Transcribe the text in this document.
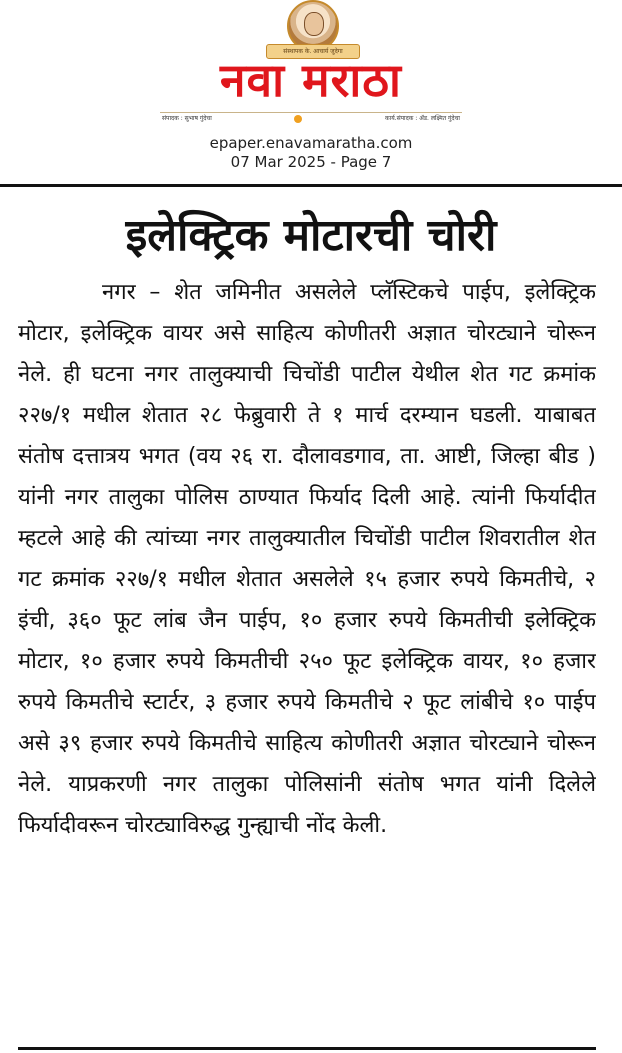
संस्थापक के. आचार्य जुदेगा
नवा मराठा
संपादक : सुभाष गुंदेचा	कार्य.संपादक : ॲड. लक्ष्मित गुंदेचा
epaper.enavamaratha.com
07 Mar 2025 - Page 7
इलेक्ट्रिक मोटारची चोरी

नगर – शेत जमिनीत असलेले प्लॅस्टिकचे पाईप, इलेक्ट्रिक मोटार, इलेक्ट्रिक वायर असे साहित्य कोणीतरी अज्ञात चोरट्याने चोरून नेले. ही घटना नगर तालुक्याची चिचोंडी पाटील येथील शेत गट क्रमांक २२७/१ मधील शेतात २८ फेब्रुवारी ते १ मार्च दरम्यान घडली. याबाबत संतोष दत्तात्रय भगत (वय २६ रा. दौलावडगाव, ता. आष्टी, जिल्हा बीड ) यांनी नगर तालुका पोलिस ठाण्यात फिर्याद दिली आहे. त्यांनी फिर्यादीत म्हटले आहे की त्यांच्या नगर तालुक्यातील चिचोंडी पाटील शिवरातील शेत गट क्रमांक २२७/१ मधील शेतात असलेले १५ हजार रुपये किमतीचे, २ इंची, ३६० फूट लांब जैन पाईप, १० हजार रुपये किमतीची इलेक्ट्रिक मोटार, १० हजार रुपये किमतीची २५० फूट इलेक्ट्रिक वायर, १० हजार रुपये किमतीचे स्टार्टर, ३ हजार रुपये किमतीचे २ फूट लांबीचे १० पाईप असे ३९ हजार रुपये किमतीचे साहित्य कोणीतरी अज्ञात चोरट्याने चोरून नेले. याप्रकरणी नगर तालुका पोलिसांनी संतोष भगत यांनी दिलेले फिर्यादीवरून चोरट्याविरुद्ध गुन्ह्याची नोंद केली.
